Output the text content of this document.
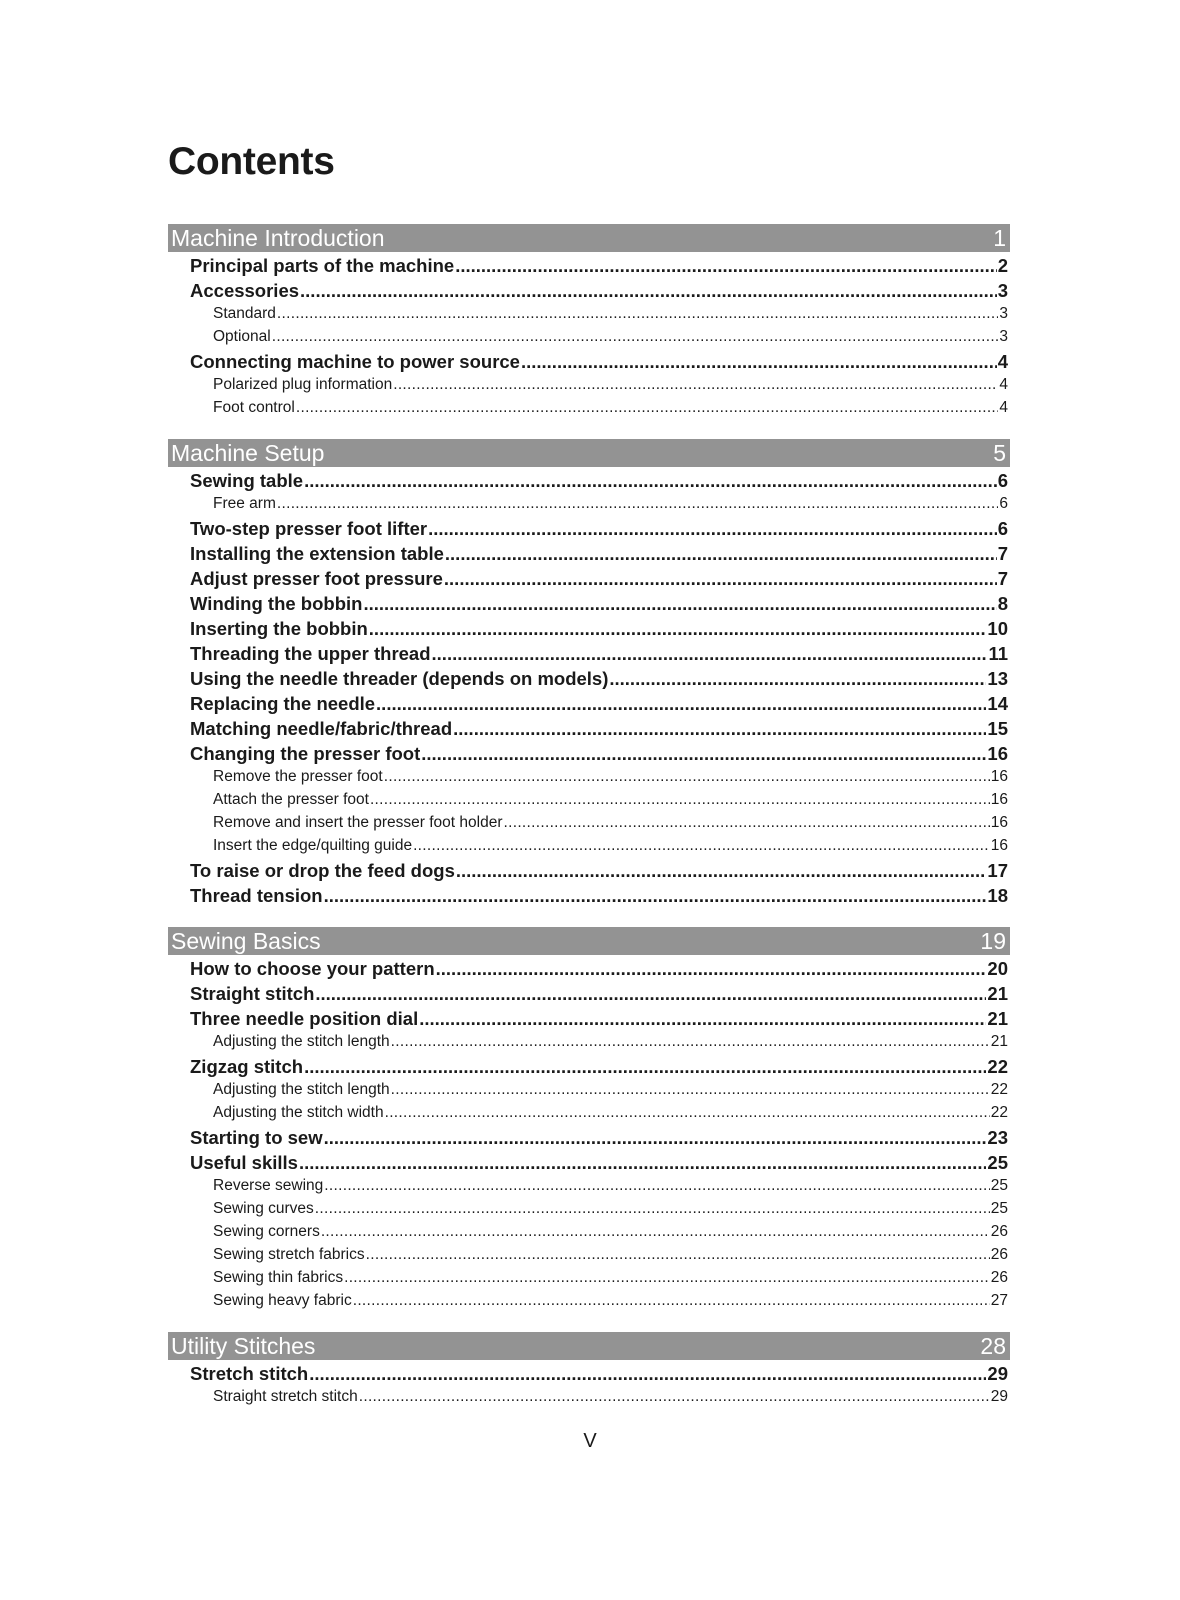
Contents
Machine Introduction	1
Principal parts of the machine .....	2
Accessories .....	3
Standard .....	3
Optional .....	3
Connecting machine to power source .....	4
Polarized plug information .....	4
Foot control .....	4
Machine Setup	5
Sewing table .....	6
Free arm .....	6
Two-step presser foot lifter .....	6
Installing the extension table .....	7
Adjust presser foot pressure .....	7
Winding the bobbin .....	8
Inserting the bobbin .....	10
Threading the upper thread .....	11
Using the needle threader (depends on models) .....	13
Replacing the needle .....	14
Matching needle/fabric/thread .....	15
Changing the presser foot .....	16
Remove the presser foot .....	16
Attach the presser foot .....	16
Remove and insert the presser foot holder .....	16
Insert the edge/quilting guide .....	16
To raise or drop the feed dogs .....	17
Thread tension .....	18
Sewing Basics	19
How to choose your pattern .....	20
Straight stitch .....	21
Three needle position dial .....	21
Adjusting the stitch length .....	21
Zigzag stitch .....	22
Adjusting the stitch length .....	22
Adjusting the stitch width .....	22
Starting to sew .....	23
Useful skills .....	25
Reverse sewing .....	25
Sewing curves .....	25
Sewing corners .....	26
Sewing stretch fabrics .....	26
Sewing thin fabrics .....	26
Sewing heavy fabric .....	27
Utility Stitches	28
Stretch stitch .....	29
Straight stretch stitch .....	29
V
